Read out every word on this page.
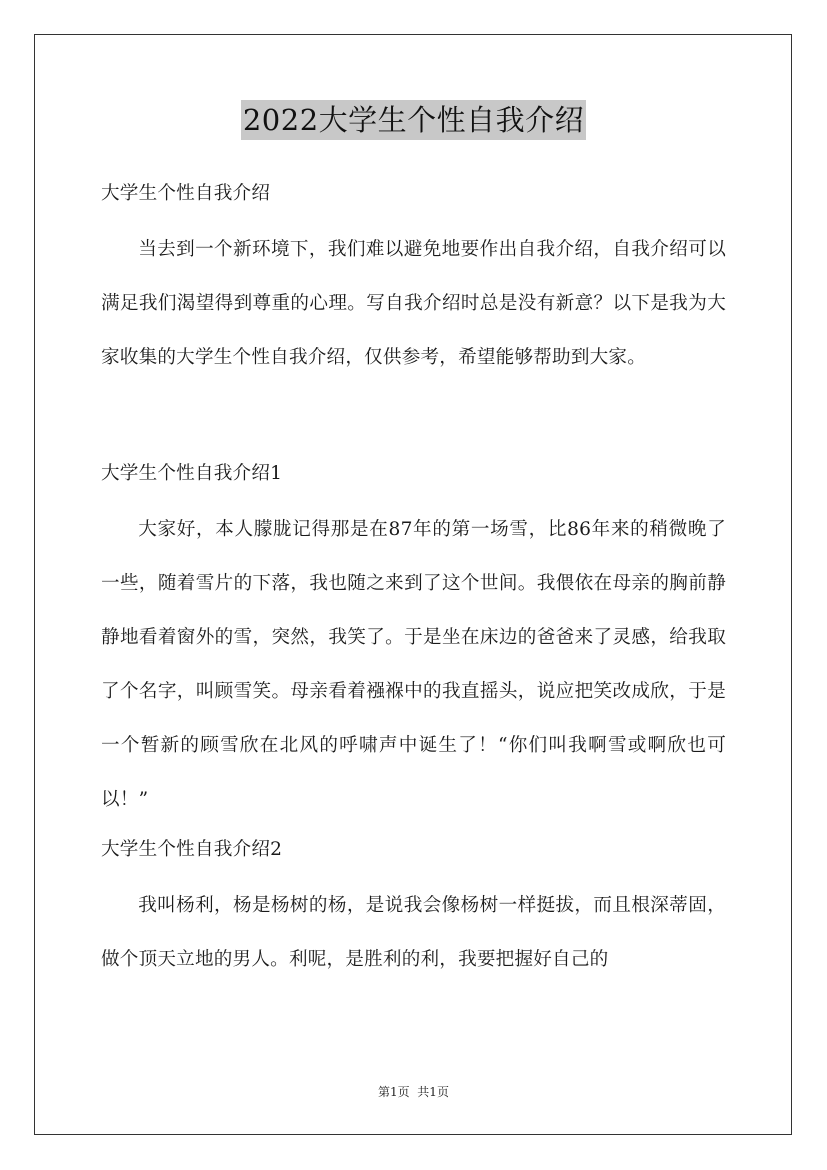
2022大学生个性自我介绍

大学生个性自我介绍

当去到一个新环境下，我们难以避免地要作出自我介绍，自我介绍可以满足我们渴望得到尊重的心理。写自我介绍时总是没有新意？以下是我为大家收集的大学生个性自我介绍，仅供参考，希望能够帮助到大家。

大学生个性自我介绍1

大家好，本人朦胧记得那是在87年的第一场雪，比86年来的稍微晚了一些，随着雪片的下落，我也随之来到了这个世间。我偎依在母亲的胸前静静地看着窗外的雪，突然，我笑了。于是坐在床边的爸爸来了灵感，给我取了个名字，叫顾雪笑。母亲看着襁褓中的我直摇头，说应把笑改成欣，于是一个暂新的顾雪欣在北风的呼啸声中诞生了！“你们叫我啊雪或啊欣也可以！”

大学生个性自我介绍2

我叫杨利，杨是杨树的杨，是说我会像杨树一样挺拔，而且根深蒂固，做个顶天立地的男人。利呢，是胜利的利，我要把握好自己的

第1页  共1页
